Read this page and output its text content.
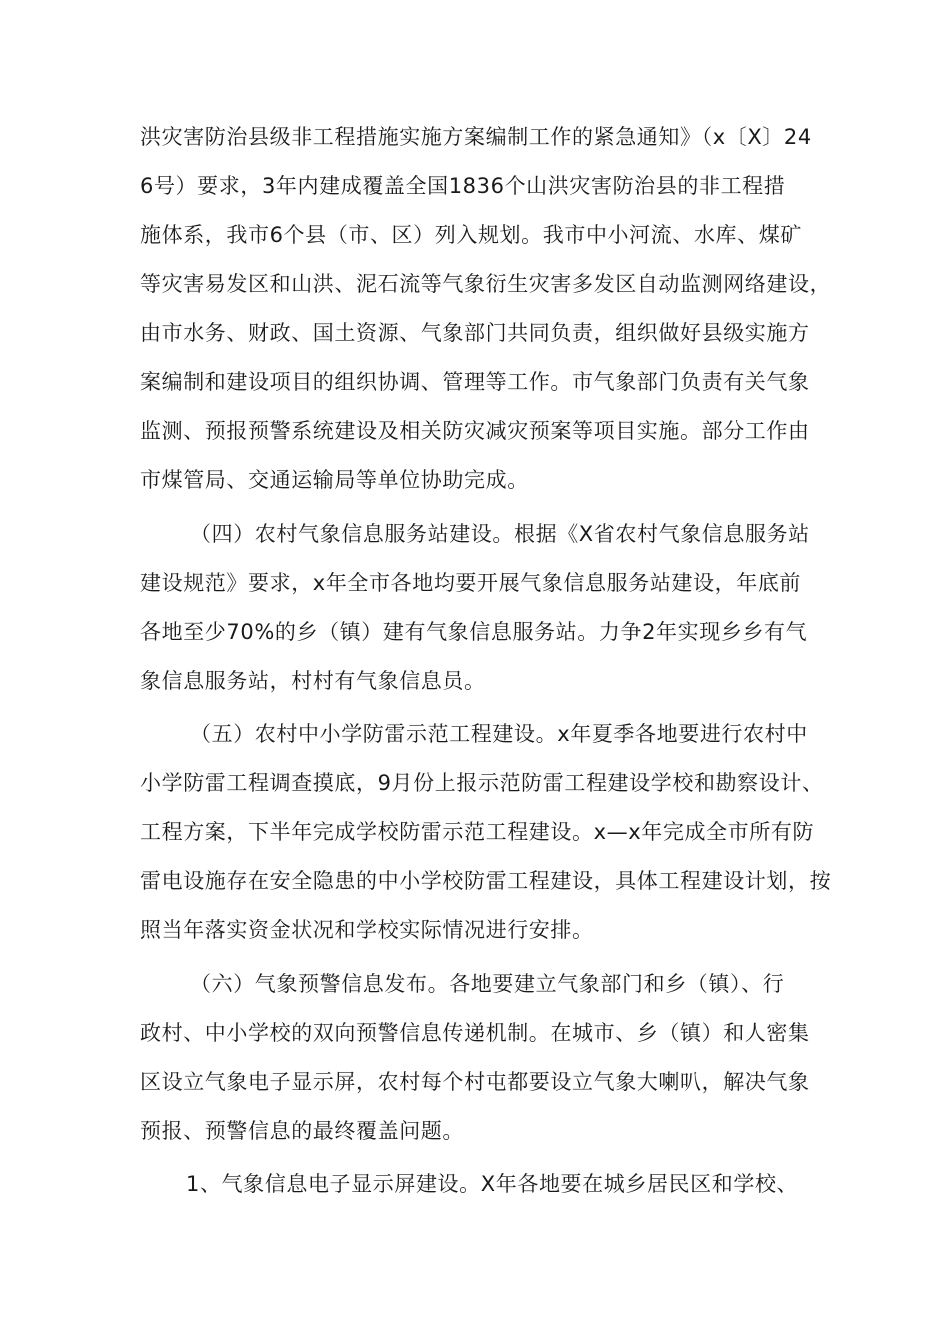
洪灾害防治县级非工程措施实施方案编制工作的紧急通知》（x〔X〕24
6号）要求，3年内建成覆盖全国1836个山洪灾害防治县的非工程措
施体系，我市6个县（市、区）列入规划。我市中小河流、水库、煤矿
等灾害易发区和山洪、泥石流等气象衍生灾害多发区自动监测网络建设，
由市水务、财政、国土资源、气象部门共同负责，组织做好县级实施方
案编制和建设项目的组织协调、管理等工作。市气象部门负责有关气象
监测、预报预警系统建设及相关防灾减灾预案等项目实施。部分工作由
市煤管局、交通运输局等单位协助完成。
（四）农村气象信息服务站建设。根据《X省农村气象信息服务站
建设规范》要求，x年全市各地均要开展气象信息服务站建设，年底前
各地至少70%的乡（镇）建有气象信息服务站。力争2年实现乡乡有气
象信息服务站，村村有气象信息员。
（五）农村中小学防雷示范工程建设。x年夏季各地要进行农村中
小学防雷工程调查摸底，9月份上报示范防雷工程建设学校和勘察设计、
工程方案，下半年完成学校防雷示范工程建设。x—x年完成全市所有防
雷电设施存在安全隐患的中小学校防雷工程建设，具体工程建设计划，按
照当年落实资金状况和学校实际情况进行安排。
（六）气象预警信息发布。各地要建立气象部门和乡（镇）、行
政村、中小学校的双向预警信息传递机制。在城市、乡（镇）和人密集
区设立气象电子显示屏，农村每个村屯都要设立气象大喇叭，解决气象
预报、预警信息的最终覆盖问题。
1、气象信息电子显示屏建设。X年各地要在城乡居民区和学校、
